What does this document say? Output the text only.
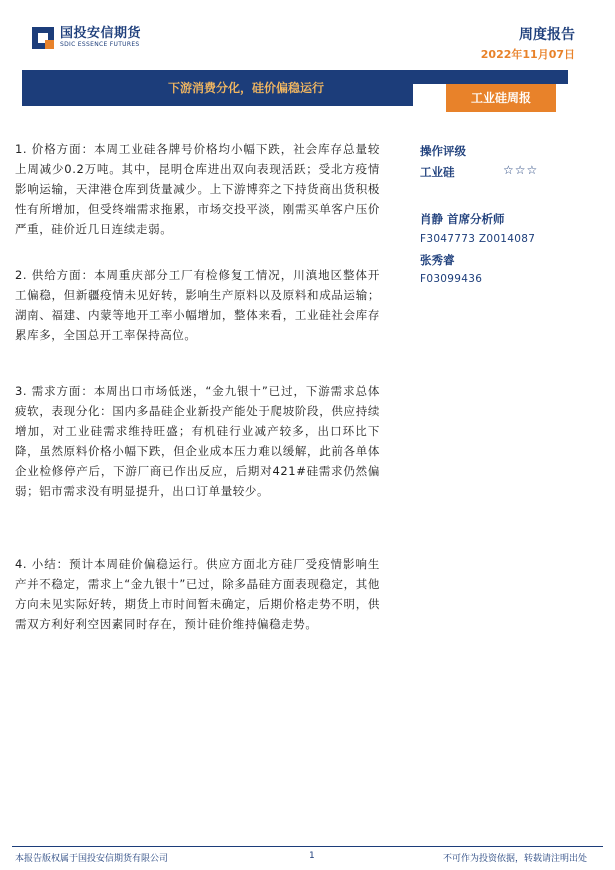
国投安信期货
SDIC ESSENCE FUTURES
周度报告
2022年11月07日
下游消费分化，硅价偏稳运行
工业硅周报
1. 价格方面：本周工业硅各牌号价格均小幅下跌，社会库存总量较上周减少0.2万吨。其中，昆明仓库进出双向表现活跃；受北方疫情影响运输，天津港仓库到货量减少。上下游博弈之下持货商出货积极性有所增加，但受终端需求拖累，市场交投平淡，刚需买单客户压价严重，硅价近几日连续走弱。
2. 供给方面：本周重庆部分工厂有检修复工情况，川滇地区整体开工偏稳，但新疆疫情未见好转，影响生产原料以及原料和成品运输；湖南、福建、内蒙等地开工率小幅增加，整体来看，工业硅社会库存累库多，全国总开工率保持高位。
3. 需求方面：本周出口市场低迷，“金九银十”已过，下游需求总体疲软，表现分化：国内多晶硅企业新投产能处于爬坡阶段，供应持续增加，对工业硅需求维持旺盛；有机硅行业减产较多，出口环比下降，虽然原料价格小幅下跌，但企业成本压力难以缓解，此前各单体企业检修停产后，下游厂商已作出反应，后期对421#硅需求仍然偏弱；铝市需求没有明显提升，出口订单量较少。
4. 小结：预计本周硅价偏稳运行。供应方面北方硅厂受疫情影响生产并不稳定，需求上“金九银十”已过，除多晶硅方面表现稳定，其他方向未见实际好转，期货上市时间暂未确定，后期价格走势不明，供需双方利好利空因素同时存在，预计硅价维持偏稳走势。
操作评级
工业硅	☆☆☆
肖静 首席分析师
F3047773 Z0014087
张秀睿
F03099436
本报告版权属于国投安信期货有限公司	1	不可作为投资依据，转载请注明出处
